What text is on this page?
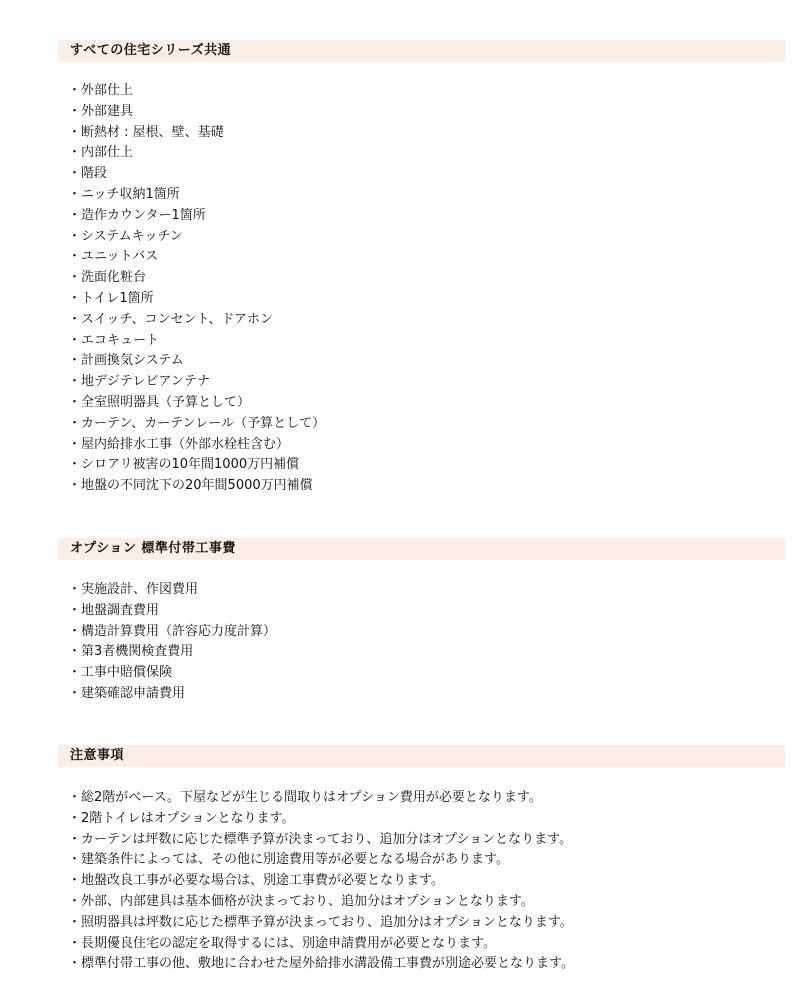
すべての住宅シリーズ共通
・外部仕上
・外部建具
・断熱材 : 屋根、壁、基礎
・内部仕上
・階段
・ニッチ収納1箇所
・造作カウンター1箇所
・システムキッチン
・ユニットバス
・洗面化粧台
・トイレ1箇所
・スイッチ、コンセント、ドアホン
・エコキュート
・計画換気システム
・地デジテレビアンテナ
・全室照明器具（予算として）
・カーテン、カーテンレール（予算として）
・屋内給排水工事（外部水栓柱含む）
・シロアリ被害の10年間1000万円補償
・地盤の不同沈下の20年間5000万円補償
オプション 標準付帯工事費
・実施設計、作図費用
・地盤調査費用
・構造計算費用（許容応力度計算）
・第3者機関検査費用
・工事中賠償保険
・建築確認申請費用
注意事項
・総2階がベース。下屋などが生じる間取りはオプション費用が必要となります。
・2階トイレはオプションとなります。
・カーテンは坪数に応じた標準予算が決まっており、追加分はオプションとなります。
・建築条件によっては、その他に別途費用等が必要となる場合があります。
・地盤改良工事が必要な場合は、別途工事費が必要となります。
・外部、内部建具は基本価格が決まっており、追加分はオプションとなります。
・照明器具は坪数に応じた標準予算が決まっており、追加分はオプションとなります。
・長期優良住宅の認定を取得するには、別途申請費用が必要となります。
・標準付帯工事の他、敷地に合わせた屋外給排水溝設備工事費が別途必要となります。
